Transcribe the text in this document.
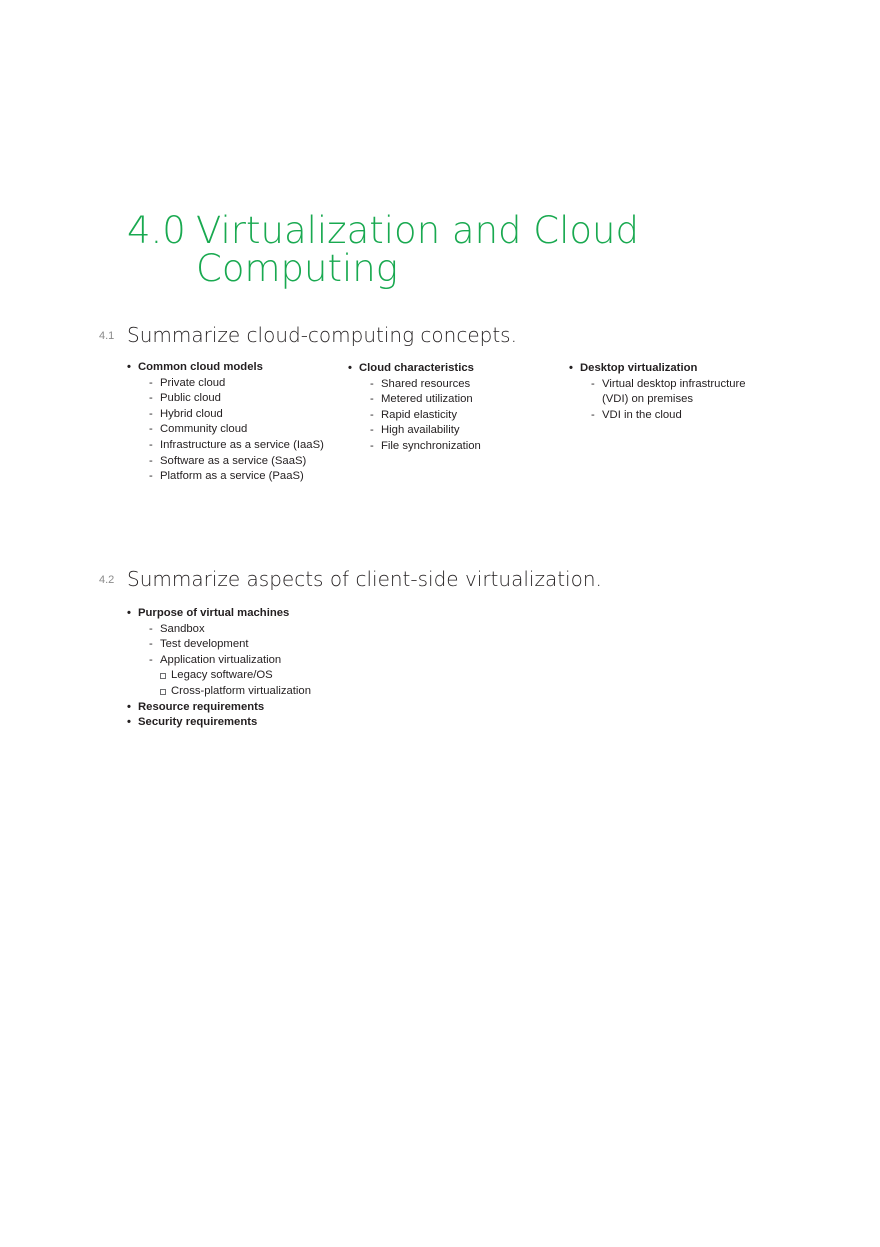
4.0 Virtualization and Cloud
Computing
4.1 Summarize cloud-computing concepts.
• Common cloud models
- Private cloud
- Public cloud
- Hybrid cloud
- Community cloud
- Infrastructure as a service (IaaS)
- Software as a service (SaaS)
- Platform as a service (PaaS)
• Cloud characteristics
- Shared resources
- Metered utilization
- Rapid elasticity
- High availability
- File synchronization
• Desktop virtualization
- Virtual desktop infrastructure (VDI) on premises
- VDI in the cloud
4.2 Summarize aspects of client-side virtualization.
• Purpose of virtual machines
- Sandbox
- Test development
- Application virtualization
Legacy software/OS
Cross-platform virtualization
• Resource requirements
• Security requirements
